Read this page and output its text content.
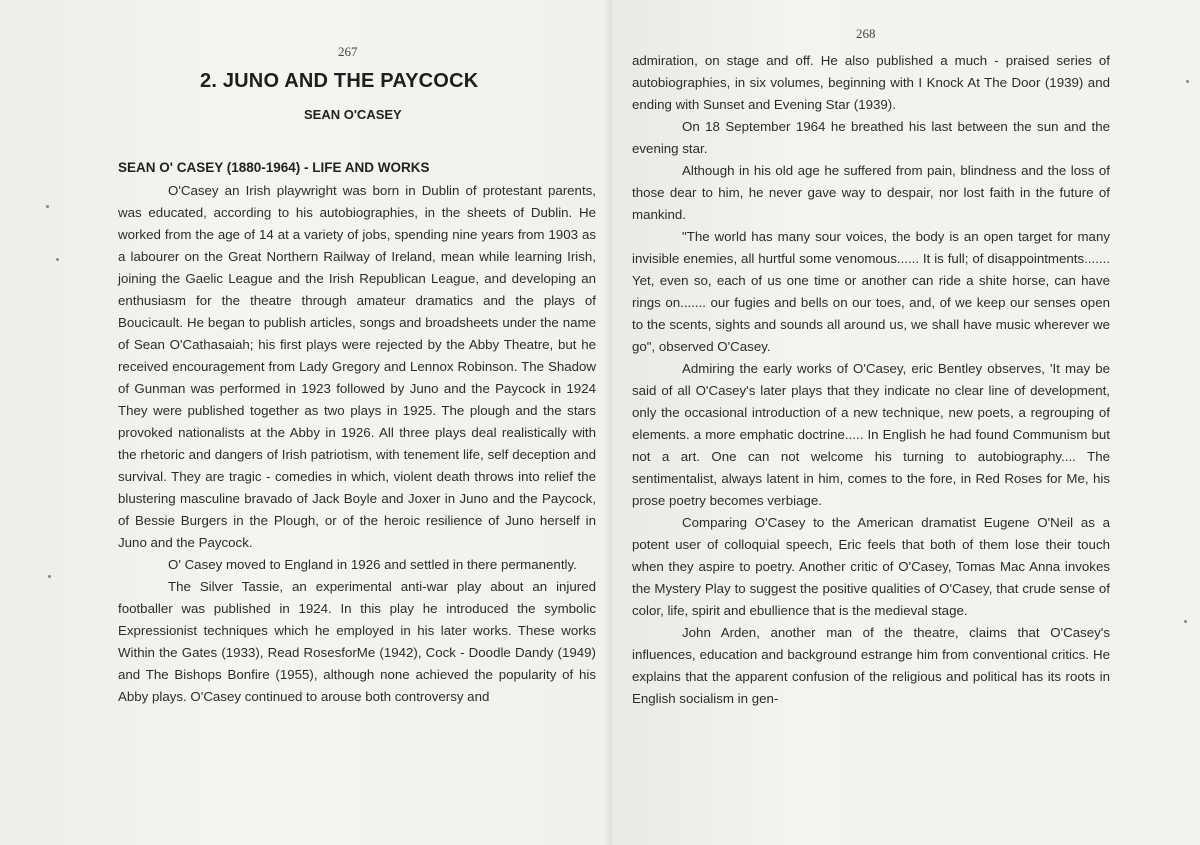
267
2. JUNO AND THE PAYCOCK
SEAN O'CASEY
SEAN O' CASEY (1880-1964) - LIFE AND WORKS

O'Casey an Irish playwright was born in Dublin of protestant parents, was educated, according to his autobiographies, in the sheets of Dublin. He worked from the age of 14 at a variety of jobs, spending nine years from 1903 as a labourer on the Great Northern Railway of Ireland, mean while learning Irish, joining the Gaelic League and the Irish Republican League, and developing an enthusiasm for the theatre through amateur dramatics and the plays of Boucicault. He began to publish articles, songs and broadsheets under the name of Sean O'Cathasaiah; his first plays were rejected by the Abby Theatre, but he received encouragement from Lady Gregory and Lennox Robinson. The Shadow of Gunman was performed in 1923 followed by Juno and the Paycock in 1924 They were published together as two plays in 1925. The plough and the stars provoked nationalists at the Abby in 1926. All three plays deal realistically with the rhetoric and dangers of Irish patriotism, with tenement life, self deception and survival. They are tragic - comedies in which, violent death throws into relief the blustering masculine bravado of Jack Boyle and Joxer in Juno and the Paycock, of Bessie Burgers in the Plough, or of the heroic resilience of Juno herself in Juno and the Paycock.

O' Casey moved to England in 1926 and settled in there permanently.

The Silver Tassie, an experimental anti-war play about an injured footballer was published in 1924. In this play he introduced the symbolic Expressionist techniques which he employed in his later works. These works Within the Gates (1933), Read RosesforMe (1942), Cock - Doodle Dandy (1949) and The Bishops Bonfire (1955), although none achieved the popularity of his Abby plays. O'Casey continued to arouse both controversy and

268

admiration, on stage and off. He also published a much - praised series of autobiographies, in six volumes, beginning with I Knock At The Door (1939) and ending with Sunset and Evening Star (1939).

On 18 September 1964 he breathed his last between the sun and the evening star.

Although in his old age he suffered from pain, blindness and the loss of those dear to him, he never gave way to despair, nor lost faith in the future of mankind.

"The world has many sour voices, the body is an open target for many invisible enemies, all hurtful some venomous...... It is full; of disappointments....... Yet, even so, each of us one time or another can ride a shite horse, can have rings on....... our fugies and bells on our toes, and, of we keep our senses open to the scents, sights and sounds all around us, we shall have music wherever we go", observed O'Casey.

Admiring the early works of O'Casey, eric Bentley observes, 'It may be said of all O'Casey's later plays that they indicate no clear line of development, only the occasional introduction of a new technique, new poets, a regrouping of elements. a more emphatic doctrine..... In English he had found Communism but not a art. One can not welcome his turning to autobiography.... The sentimentalist, always latent in him, comes to the fore, in Red Roses for Me, his prose poetry becomes verbiage.

Comparing O'Casey to the American dramatist Eugene O'Neil as a potent user of colloquial speech, Eric feels that both of them lose their touch when they aspire to poetry. Another critic of O'Casey, Tomas Mac Anna invokes the Mystery Play to suggest the positive qualities of O'Casey, that crude sense of color, life, spirit and ebullience that is the medieval stage.

John Arden, another man of the theatre, claims that O'Casey's influences, education and background estrange him from conventional critics. He explains that the apparent confusion of the religious and political has its roots in English socialism in gen-
